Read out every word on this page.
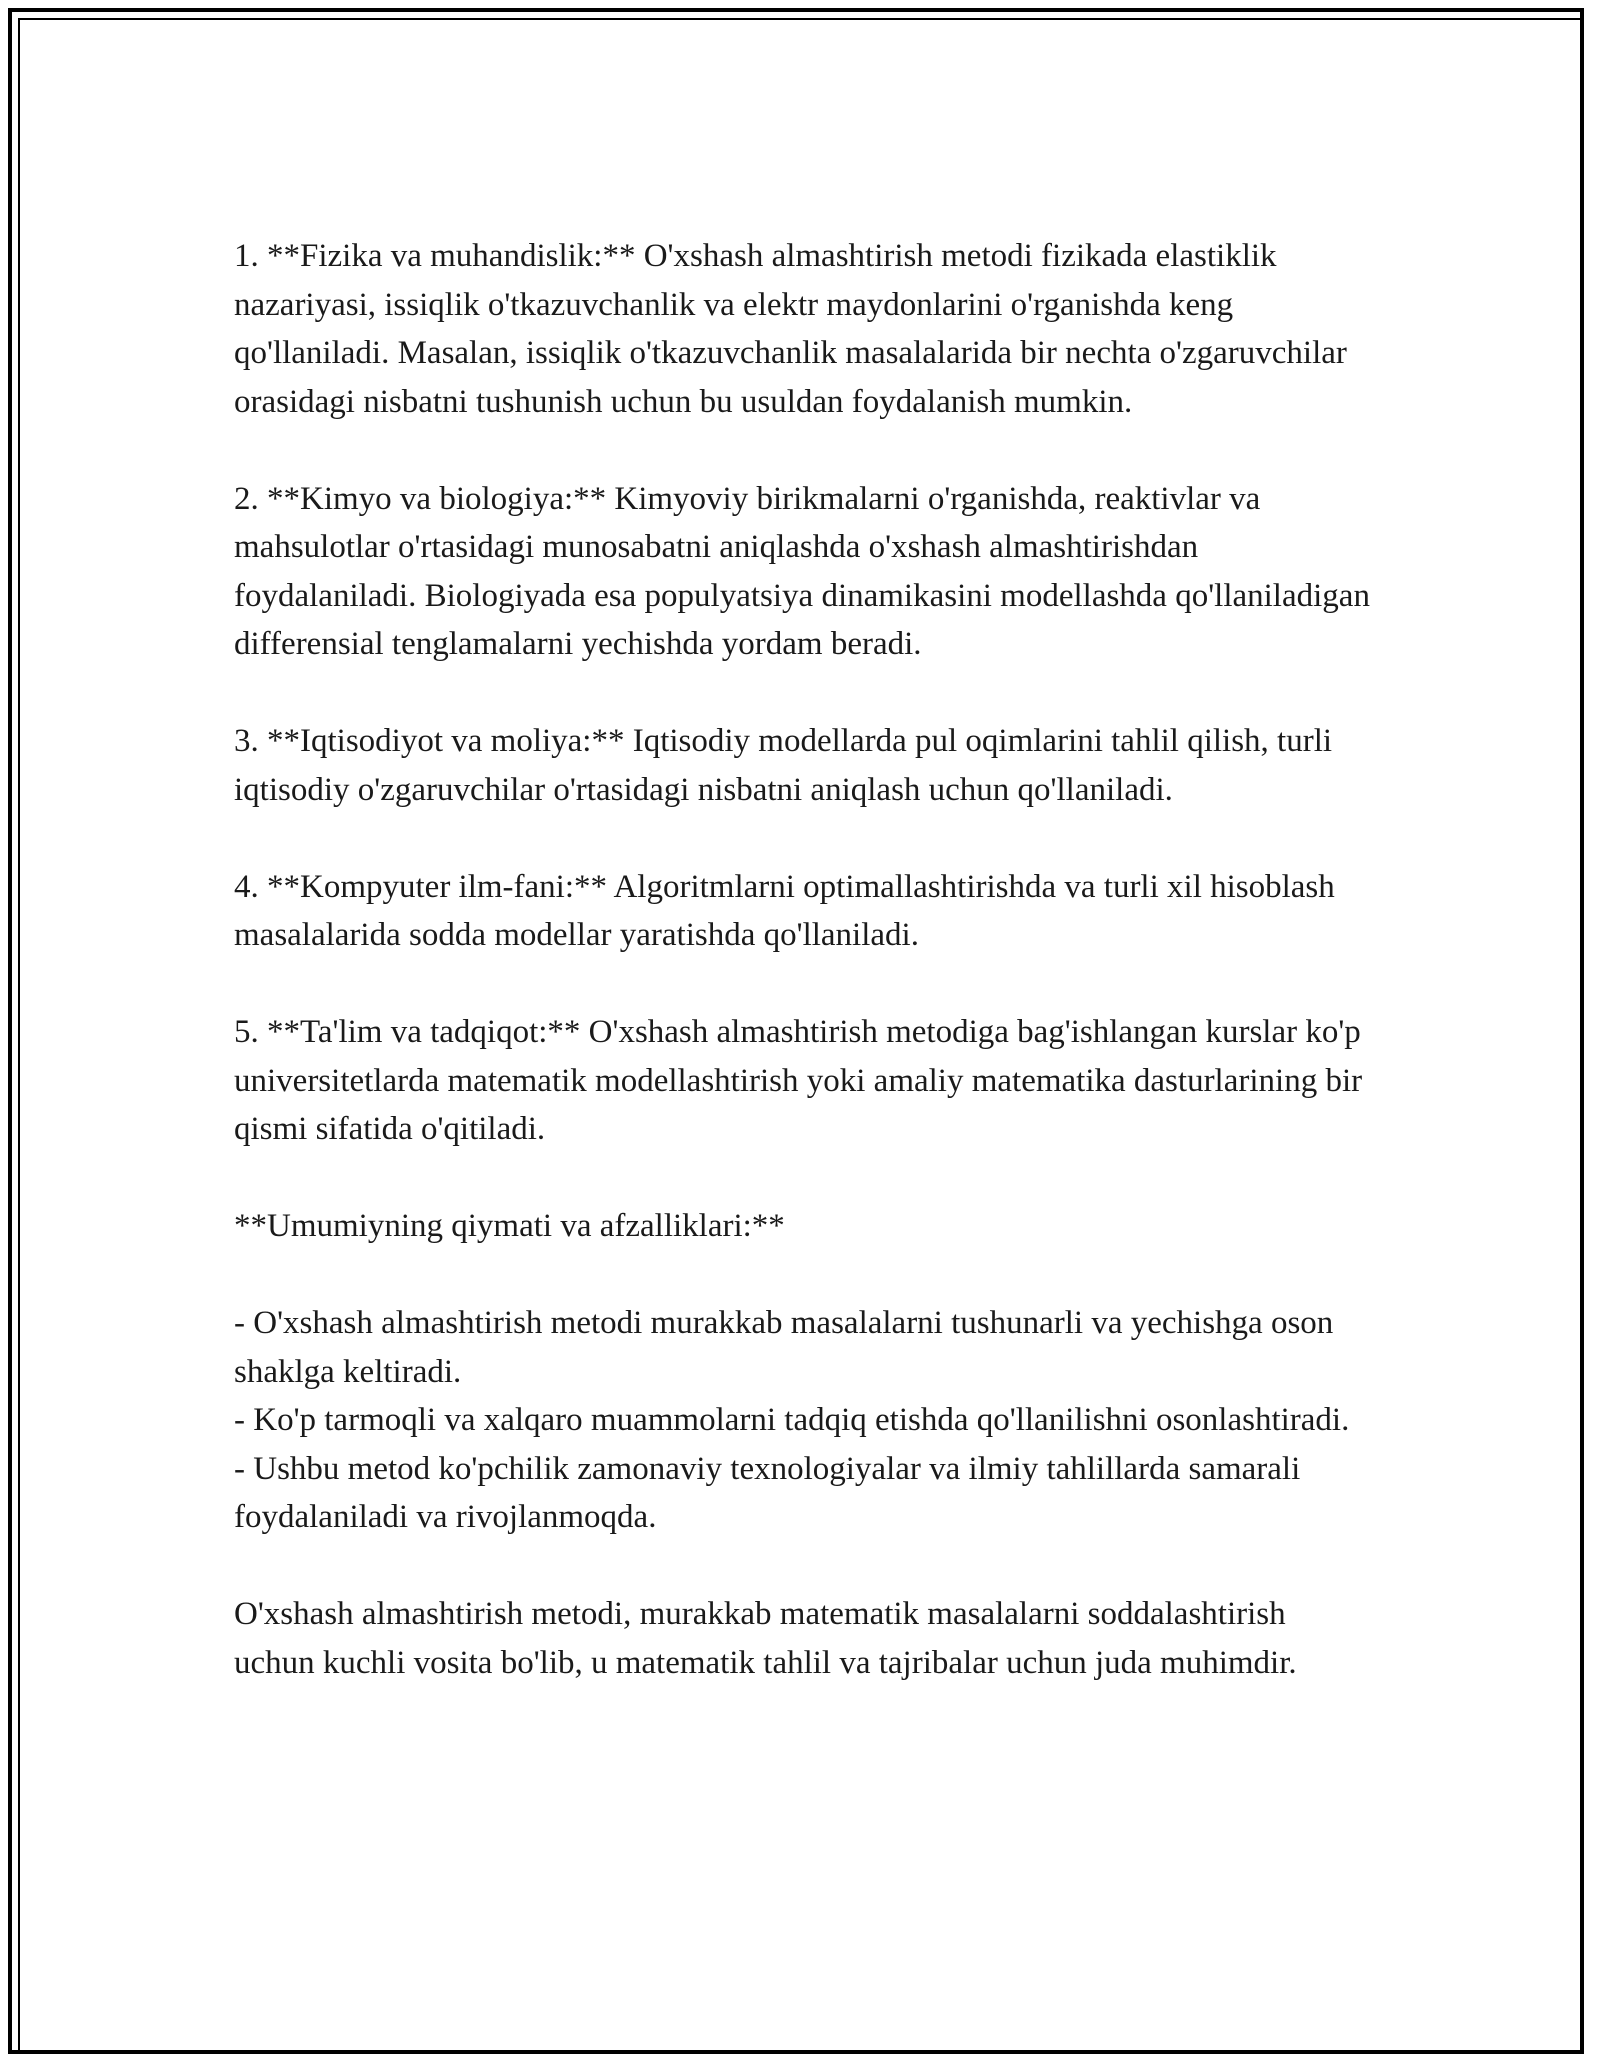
1. **Fizika va muhandislik:** O'xshash almashtirish metodi fizikada elastiklik nazariyasi, issiqlik o'tkazuvchanlik va elektr maydonlarini o'rganishda keng qo'llaniladi. Masalan, issiqlik o'tkazuvchanlik masalalarida bir nechta o'zgaruvchilar orasidagi nisbatni tushunish uchun bu usuldan foydalanish mumkin.

2. **Kimyo va biologiya:** Kimyoviy birikmalarni o'rganishda, reaktivlar va mahsulotlar o'rtasidagi munosabatni aniqlashda o'xshash almashtirishdan foydalaniladi. Biologiyada esa populyatsiya dinamikasini modellashda qo'llaniladigan differensial tenglamalarni yechishda yordam beradi.

3. **Iqtisodiyot va moliya:** Iqtisodiy modellarda pul oqimlarini tahlil qilish, turli iqtisodiy o'zgaruvchilar o'rtasidagi nisbatni aniqlash uchun qo'llaniladi.

4. **Kompyuter ilm-fani:** Algoritmlarni optimallashtirishda va turli xil hisoblash masalalarida sodda modellar yaratishda qo'llaniladi.

5. **Ta'lim va tadqiqot:** O'xshash almashtirish metodiga bag'ishlangan kurslar ko'p universitetlarda matematik modellashtirish yoki amaliy matematika dasturlarining bir qismi sifatida o'qitiladi.

**Umumiyning qiymati va afzalliklari:**

- O'xshash almashtirish metodi murakkab masalalarni tushunarli va yechishga oson shaklga keltiradi.

- Ko'p tarmoqli va xalqaro muammolarni tadqiq etishda qo'llanilishni osonlashtiradi.

- Ushbu metod ko'pchilik zamonaviy texnologiyalar va ilmiy tahlillarda samarali foydalaniladi va rivojlanmoqda.

O'xshash almashtirish metodi, murakkab matematik masalalarni soddalashtirish uchun kuchli vosita bo'lib, u matematik tahlil va tajribalar uchun juda muhimdir.
